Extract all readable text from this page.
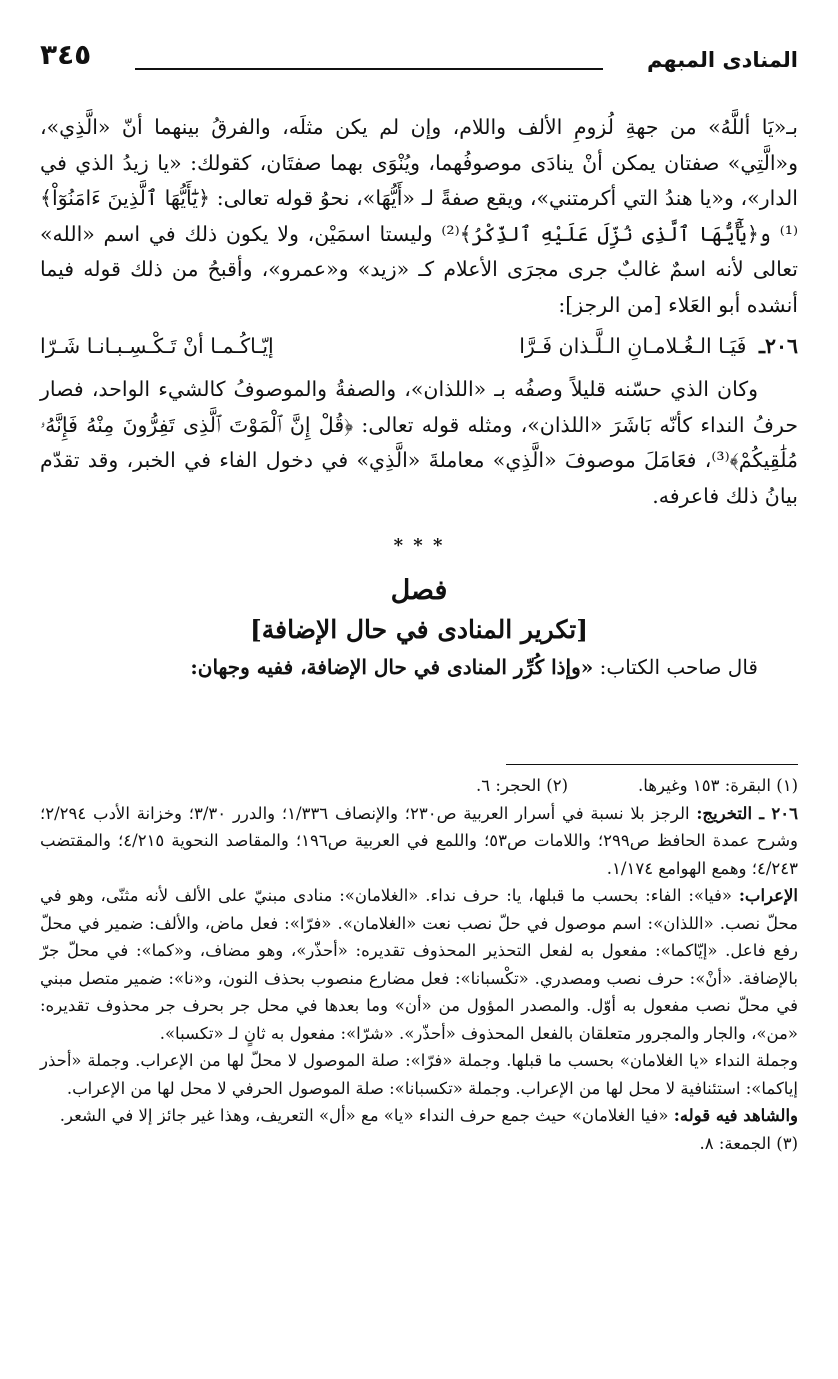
المنادى المبهم
٣٤٥

بـ«يَا أللَّهُ» من جهةِ لُزومِ الألف واللام، وإن لم يكن مثلَه، والفرقُ بينهما أنّ «الَّذِي»، و«الَّتِي» صفتان يمكن أنْ ينادَى موصوفُهما، ويُنْوَى بهما صفتَان، كقولك: «يا زيدُ الذي في الدار»، و«يا هندُ التي أكرمتني»، ويقع صفةً لـ «أَيُّهَا»، نحوُ قوله تعالى: ﴿يَٰٓأَيُّهَا ٱلَّذِينَ ءَامَنُوٓاْ﴾⁽¹⁾ و﴿يَٰٓأَيُّهَا ٱلَّذِى نُزِّلَ عَلَيْهِ ٱلذِّكْرُ﴾⁽²⁾ وليستا اسمَيْن، ولا يكون ذلك في اسم «الله» تعالى لأنه اسمٌ غالبٌ جرى مجرَى الأعلام كـ «زيد» و«عمرو»، وأقبحُ من ذلك قوله فيما أنشده أبو العَلاء [من الرجز]:

٢٠٦ـ فَيَـا الـغُـلامـانِ الـلَّـذان فَـرَّا
إيّـاكُـمـا أنْ تَـكْـسِـبـانـا شَـرّا

وكان الذي حسّنه قليلاً وصفُه بـ «اللذان»، والصفةُ والموصوفُ كالشيء الواحد، فصار حرفُ النداء كأنّه بَاشَرَ «اللذان»، ومثله قوله تعالى: ﴿قُلْ إِنَّ ٱلْمَوْتَ ٱلَّذِى تَفِرُّونَ مِنْهُ فَإِنَّهُۥ مُلَٰقِيكُمْ﴾⁽³⁾، فعَامَلَ موصوفَ «الَّذِي» معاملةَ «الَّذِي» في دخول الفاء في الخبر، وقد تقدّم بيانُ ذلك فاعرفه.

* * *
فصل
[تكرير المنادى في حال الإضافة]

قال صاحب الكتاب: «وإذا كُرِّر المنادى في حال الإضافة، ففيه وجهان:

(١) البقرة: ١٥٣ وغيرها.
(٢) الحجر: ٦.

٢٠٦ ـ التخريج: الرجز بلا نسبة في أسرار العربية ص٢٣٠؛ والإنصاف ١/٣٣٦؛ والدرر ٣/٣٠؛ وخزانة الأدب ٢/٢٩٤؛ وشرح عمدة الحافظ ص٢٩٩؛ واللامات ص٥٣؛ واللمع في العربية ص١٩٦؛ والمقاصد النحوية ٤/٢١٥؛ والمقتضب ٤/٢٤٣؛ وهمع الهوامع ١/١٧٤.

الإعراب: «فيا»: الفاء: بحسب ما قبلها، يا: حرف نداء. «الغلامان»: منادى مبنيّ على الألف لأنه مثنّى، وهو في محلّ نصب. «اللذان»: اسم موصول في حلّ نصب نعت «الغلامان». «فرّا»: فعل ماض، والألف: ضمير في محلّ رفع فاعل. «إيّاكما»: مفعول به لفعل التحذير المحذوف تقديره: «أحذّر»، وهو مضاف، و«كما»: في محلّ جرّ بالإضافة. «أنْ»: حرف نصب ومصدري. «تكْسبانا»: فعل مضارع منصوب بحذف النون، و«نا»: ضمير متصل مبني في محلّ نصب مفعول به أوّل. والمصدر المؤول من «أن» وما بعدها في محل جر بحرف جر محذوف تقديره: «من»، والجار والمجرور متعلقان بالفعل المحذوف «أحذّر». «شرّا»: مفعول به ثانٍ لـ «تكسبا».

وجملة النداء «يا الغلامان» بحسب ما قبلها. وجملة «فرّا»: صلة الموصول لا محلّ لها من الإعراب. وجملة «أحذر إياكما»: استئنافية لا محل لها من الإعراب. وجملة «تكسبانا»: صلة الموصول الحرفي لا محل لها من الإعراب.

والشاهد فيه قوله: «فيا الغلامان» حيث جمع حرف النداء «يا» مع «أل» التعريف، وهذا غير جائز إلا في الشعر.

(٣) الجمعة: ٨.
